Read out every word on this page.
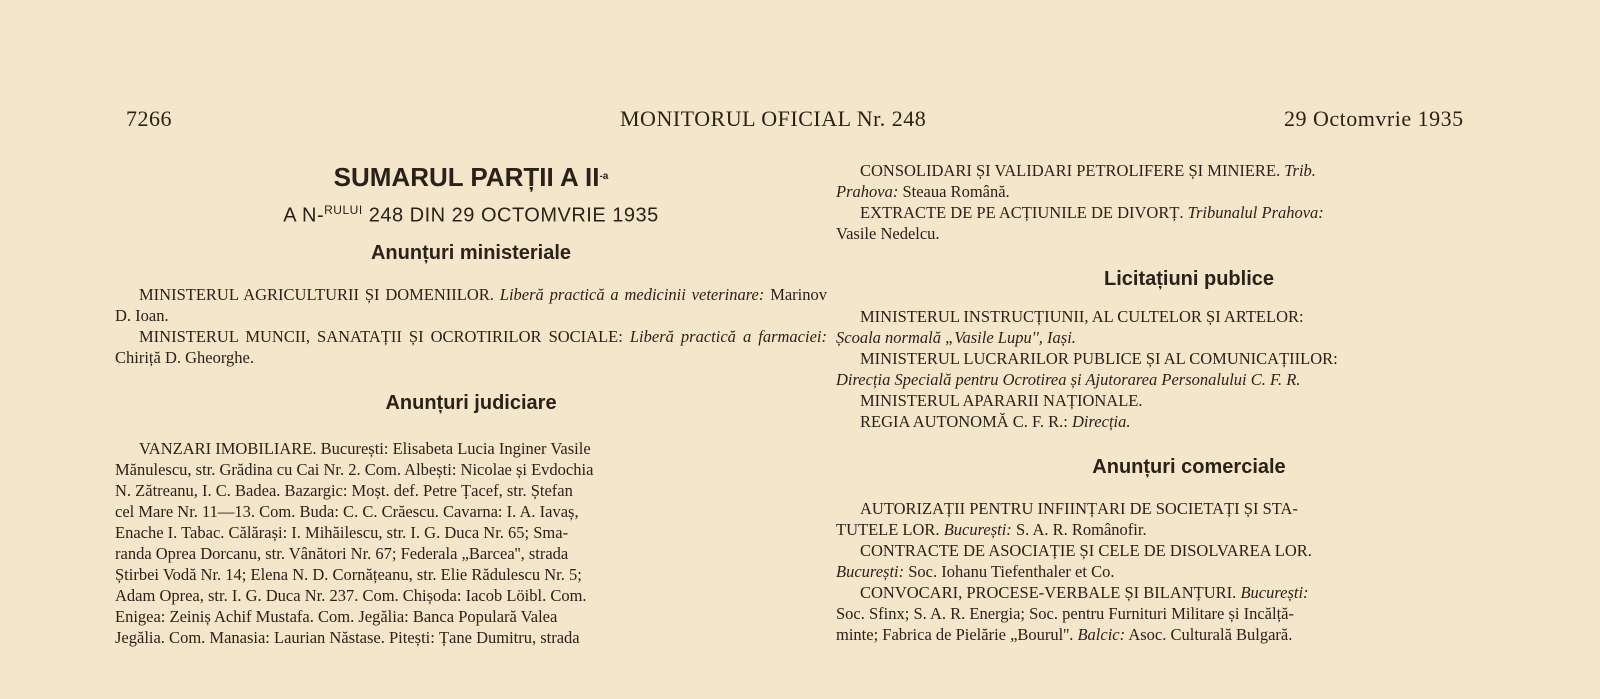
7266	MONITORUL OFICIAL Nr. 248	29 Octomvrie 1935
SUMARUL PARȚII A $II^{-a}$
A N-$^{RULUI}$ 248 DIN 29 OCTOMVRIE 1935
Anunțuri ministeriale
MINISTERUL AGRICULTURII ȘI DOMENIILOR. Liberă practică a medicinii veterinare: Marinov D. Ioan.
MINISTERUL MUNCII, SANATAȚII ȘI OCROTIRILOR SOCIALE: Liberă practică a farmaciei: Chiriță D. Gheorghe.
Anunțuri judiciare
VANZARI IMOBILIARE. București: Elisabeta Lucia Inginer Vasile
Mănulescu, str. Grădina cu Cai Nr. 2. Com. Albești: Nicolae și Evdochia
N. Zătreanu, I. C. Badea. Bazargic: Moșt. def. Petre Țacef, str. Ștefan
cel Mare Nr. 11—13. Com. Buda: C. C. Crăescu. Cavarna: I. A. Iavaș,
Enache I. Tabac. Călărași: I. Mihăilescu, str. I. G. Duca Nr. 65; Sma-
randa Oprea Dorcanu, str. Vânători Nr. 67; Federala „Barcea'', strada
Știrbei Vodă Nr. 14; Elena N. D. Cornățeanu, str. Elie Rădulescu Nr. 5;
Adam Oprea, str. I. G. Duca Nr. 237. Com. Chișoda: Iacob Löibl. Com.
Enigea: Zeiniș Achif Mustafa. Com. Jegălia: Banca Populară Valea
Jegălia. Com. Manasia: Laurian Năstase. Pitești: Țane Dumitru, strada
CONSOLIDARI ȘI VALIDARI PETROLIFERE ȘI MINIERE. Trib.
Prahova: Steaua Română.
EXTRACTE DE PE ACȚIUNILE DE DIVORȚ. Tribunalul Prahova:
Vasile Nedelcu.
Licitațiuni publice
MINISTERUL INSTRUCȚIUNII, AL CULTELOR ȘI ARTELOR:
Școala normală „Vasile Lupu'', Iași.
MINISTERUL LUCRARILOR PUBLICE ȘI AL COMUNICAȚIILOR:
Direcția Specială pentru Ocrotirea și Ajutorarea Personalului C. F. R.
MINISTERUL APARARII NAȚIONALE.
REGIA AUTONOMĂ C. F. R.: Direcția.
Anunțuri comerciale
AUTORIZAȚII PENTRU INFIINȚARI DE SOCIETAȚI ȘI STA-
TUTELE LOR. București: S. A. R. Românofir.
CONTRACTE DE ASOCIAȚIE ȘI CELE DE DISOLVAREA LOR.
București: Soc. Iohanu Tiefenthaler et Co.
CONVOCARI, PROCESE-VERBALE ȘI BILANȚURI. București:
Soc. Sfinx; S. A. R. Energia; Soc. pentru Furnituri Militare și Incălță-
minte; Fabrica de Pielărie „Bourul''. Balcic: Asoc. Culturală Bulgară.
